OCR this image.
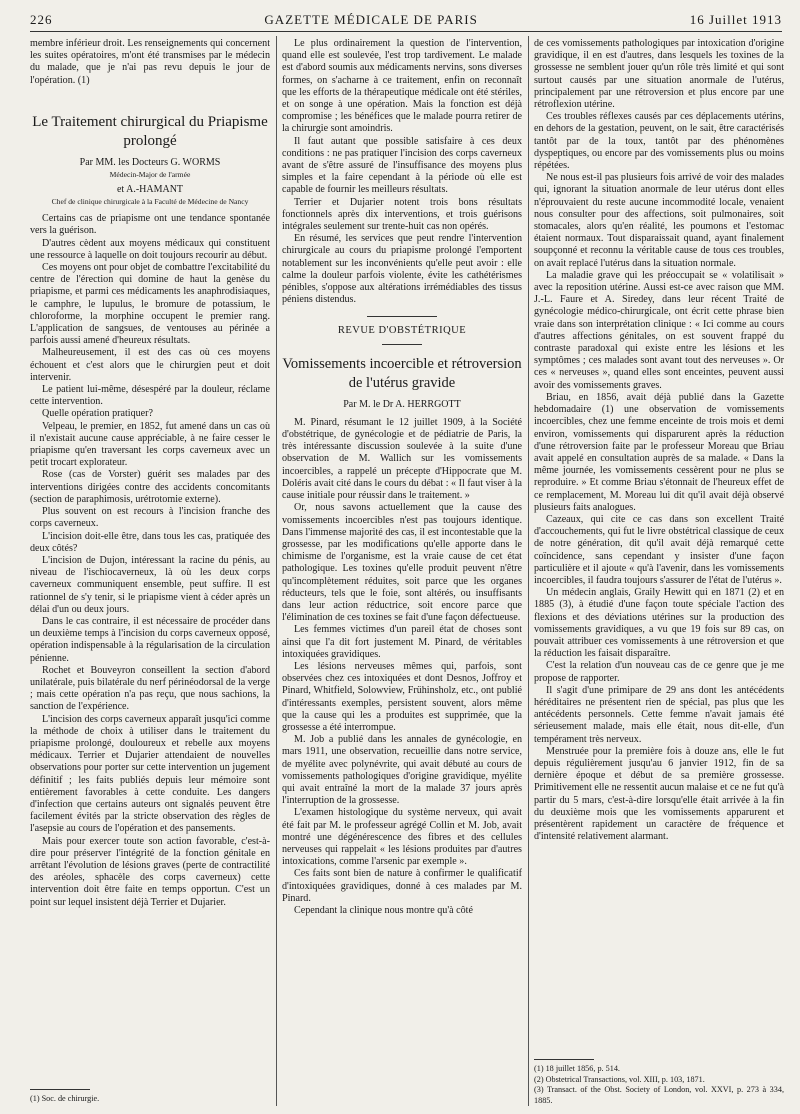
226	GAZETTE MÉDICALE DE PARIS	16 Juillet 1913

membre inférieur droit. Les renseignements qui concernent les suites opératoires, m'ont été transmises par le médecin du malade, que je n'ai pas revu depuis le jour de l'opération. (1)

Le Traitement chirurgical du Priapisme prolongé
Par MM. les Docteurs G. WORMS
Médecin-Major de l'armée
et A.-HAMANT
Chef de clinique chirurgicale à la Faculté de Médecine de Nancy

Certains cas de priapisme ont une tendance spontanée vers la guérison.

D'autres cèdent aux moyens médicaux qui constituent une ressource à laquelle on doit toujours recourir au début.

Ces moyens ont pour objet de combattre l'excitabilité du centre de l'érection qui domine de haut la genèse du priapisme, et parmi ces médicaments les anaphrodisiaques, le camphre, le lupulus, le bromure de potassium, le chloroforme, la morphine occupent le premier rang. L'application de sangsues, de ventouses au périnée a parfois aussi amené d'heureux résultats.

Malheureusement, il est des cas où ces moyens échouent et c'est alors que le chirurgien peut et doit intervenir.

Le patient lui-même, désespéré par la douleur, réclame cette intervention.

Quelle opération pratiquer?

Velpeau, le premier, en 1852, fut amené dans un cas où il n'existait aucune cause appréciable, à ne faire cesser le priapisme qu'en traversant les corps caverneux avec un petit trocart explorateur.

Rose (cas de Vorster) guérit ses malades par des interventions dirigées contre des accidents concomitants (section de paraphimosis, urétrotomie externe).

Plus souvent on est recours à l'incision franche des corps caverneux.

L'incision doit-elle être, dans tous les cas, pratiquée des deux côtés?

L'incision de Dujon, intéressant la racine du pénis, au niveau de l'ischiocaverneux, là où les deux corps caverneux communiquent ensemble, peut suffire. Il est rationnel de s'y tenir, si le priapisme vient à céder après un délai d'un ou deux jours.

Dans le cas contraire, il est nécessaire de procéder dans un deuxième temps à l'incision du corps caverneux opposé, opération indispensable à la régularisation de la circulation pénienne.

Rochet et Bouveyron conseillent la section d'abord unilatérale, puis bilatérale du nerf périnéodorsal de la verge ; mais cette opération n'a pas reçu, que nous sachions, la sanction de l'expérience.

L'incision des corps caverneux apparaît jusqu'ici comme la méthode de choix à utiliser dans le traitement du priapisme prolongé, douloureux et rebelle aux moyens médicaux. Terrier et Dujarier attendaient de nouvelles observations pour porter sur cette intervention un jugement définitif ; les faits publiés depuis leur mémoire sont entièrement favorables à cette conduite. Les dangers d'infection que certains auteurs ont signalés peuvent être facilement évités par la stricte observation des règles de l'asepsie au cours de l'opération et des pansements.

Mais pour exercer toute son action favorable, c'est-à-dire pour préserver l'intégrité de la fonction génitale en arrêtant l'évolution de lésions graves (perte de contractilité des aréoles, sphacèle des corps caverneux) cette intervention doit être faite en temps opportun. C'est un point sur lequel insistent déjà Terrier et Dujarier.

(1) Soc. de chirurgie.

Le plus ordinairement la question de l'intervention, quand elle est soulevée, l'est trop tardivement. Le malade est d'abord soumis aux médicaments nervins, sons diverses formes, on s'acharne à ce traitement, enfin on reconnaît que les efforts de la thérapeutique médicale ont été stériles, et on songe à une opération. Mais la fonction est déjà compromise ; les bénéfices que le malade pourra retirer de la chirurgie sont amoindris.

Il faut autant que possible satisfaire à ces deux conditions : ne pas pratiquer l'incision des corps caverneux avant de s'être assuré de l'insuffisance des moyens plus simples et la faire cependant à la période où elle est capable de fournir les meilleurs résultats.

Terrier et Dujarier notent trois bons résultats fonctionnels après dix interventions, et trois guérisons intégrales seulement sur trente-huit cas non opérés.

En résumé, les services que peut rendre l'intervention chirurgicale au cours du priapisme prolongé l'emportent notablement sur les inconvénients qu'elle peut avoir : elle calme la douleur parfois violente, évite les cathétérismes pénibles, s'oppose aux altérations irrémédiables des tissus péniens distendus.

REVUE D'OBSTÉTRIQUE
Vomissements incoercible et rétroversion de l'utérus gravide
Par M. le Dr A. HERRGOTT

M. Pinard, résumant le 12 juillet 1909, à la Société d'obstétrique, de gynécologie et de pédiatrie de Paris, la très intéressante discussion soulevée à la suite d'une observation de M. Wallich sur les vomissements incoercibles, a rappelé un précepte d'Hippocrate que M. Doléris avait cité dans le cours du débat : « Il faut viser à la cause initiale pour réussir dans le traitement. »

Or, nous savons actuellement que la cause des vomissements incoercibles n'est pas toujours identique. Dans l'immense majorité des cas, il est incontestable que la grossesse, par les modifications qu'elle apporte dans le chimisme de l'organisme, est la vraie cause de cet état pathologique. Les toxines qu'elle produit peuvent n'être qu'incomplètement réduites, soit parce que les organes réducteurs, tels que le foie, sont altérés, ou insuffisants dans leur action réductrice, soit encore parce que l'élimination de ces toxines se fait d'une façon défectueuse.

Les femmes victimes d'un pareil état de choses sont ainsi que l'a dit fort justement M. Pinard, de véritables intoxiquées gravidiques.

Les lésions nerveuses mêmes qui, parfois, sont observées chez ces intoxiquées et dont Desnos, Joffroy et Pinard, Whitfield, Solowview, Frühinsholz, etc., ont publié d'intéressants exemples, persistent souvent, alors même que la cause qui les a produites est supprimée, que la grossesse a été interrompue.

M. Job a publié dans les annales de gynécologie, en mars 1911, une observation, recueillie dans notre service, de myélite avec polynévrite, qui avait débuté au cours de vomissements pathologiques d'origine gravidique, myélite qui avait entraîné la mort de la malade 37 jours après l'interruption de la grossesse.

L'examen histologique du système nerveux, qui avait été fait par M. le professeur agrégé Collin et M. Job, avait montré une dégénérescence des fibres et des cellules nerveuses qui rappelait « les lésions produites par d'autres intoxications, comme l'arsenic par exemple ».

Ces faits sont bien de nature à confirmer le qualificatif d'intoxiquées gravidiques, donné à ces malades par M. Pinard.

Cependant la clinique nous montre qu'à côté

de ces vomissements pathologiques par intoxication d'origine gravidique, il en est d'autres, dans lesquels les toxines de la grossesse ne semblent jouer qu'un rôle très limité et qui sont surtout causés par une situation anormale de l'utérus, principalement par une rétroversion et plus encore par une rétroflexion utérine.

Ces troubles réflexes causés par ces déplacements utérins, en dehors de la gestation, peuvent, on le sait, être caractérisés tantôt par de la toux, tantôt par des phénomènes dyspeptiques, ou encore par des vomissements plus ou moins répétées.

Ne nous est-il pas plusieurs fois arrivé de voir des malades qui, ignorant la situation anormale de leur utérus dont elles n'éprouvaient du reste aucune incommodité locale, venaient nous consulter pour des affections, soit pulmonaires, soit stomacales, alors qu'en réalité, les poumons et l'estomac étaient normaux. Tout disparaissait quand, ayant finalement soupçonné et reconnu la véritable cause de tous ces troubles, on avait replacé l'utérus dans la situation normale.

La maladie grave qui les préoccupait se « volatilisait » avec la reposition utérine. Aussi est-ce avec raison que MM. J.-L. Faure et A. Siredey, dans leur récent Traité de gynécologie médico-chirurgicale, ont écrit cette phrase bien vraie dans son interprétation clinique : « Ici comme au cours d'autres affections génitales, on est souvent frappé du contraste paradoxal qui existe entre les lésions et les symptômes ; ces malades sont avant tout des nerveuses ». Or ces « nerveuses », quand elles sont enceintes, peuvent aussi avoir des vomissements graves.

Briau, en 1856, avait déjà publié dans la Gazette hebdomadaire (1) une observation de vomissements incoercibles, chez une femme enceinte de trois mois et demi environ, vomissements qui disparurent après la réduction d'une rétroversion faite par le professeur Moreau que Briau avait appelé en consultation auprès de sa malade. « Dans la même journée, les vomissements cessèrent pour ne plus se reproduire. » Et comme Briau s'étonnait de l'heureux effet de ce remplacement, M. Moreau lui dit qu'il avait déjà observé plusieurs faits analogues.

Cazeaux, qui cite ce cas dans son excellent Traité d'accouchements, qui fut le livre obstétrical classique de ceux de notre génération, dit qu'il avait déjà remarqué cette coïncidence, sans cependant y insister d'une façon particulière et il ajoute « qu'à l'avenir, dans les vomissements incoercibles, il faudra toujours s'assurer de l'état de l'utérus ».

Un médecin anglais, Graily Hewitt qui en 1871 (2) et en 1885 (3), à étudié d'une façon toute spéciale l'action des flexions et des déviations utérines sur la production des vomissements gravidiques, a vu que 19 fois sur 89 cas, on pouvait attribuer ces vomissements à une rétroversion et que la réduction les faisait disparaître.

C'est la relation d'un nouveau cas de ce genre que je me propose de rapporter.

Il s'agit d'une primipare de 29 ans dont les antécédents héréditaires ne présentent rien de spécial, pas plus que les antécédents personnels. Cette femme n'avait jamais été sérieusement malade, mais elle était, nous dit-elle, d'un tempérament très nerveux.

Menstruée pour la première fois à douze ans, elle le fut depuis régulièrement jusqu'au 6 janvier 1912, fin de sa dernière époque et début de sa première grossesse. Primitivement elle ne ressentit aucun malaise et ce ne fut qu'à partir du 5 mars, c'est-à-dire lorsqu'elle était arrivée à la fin du deuxième mois que les vomissements apparurent et présentèrent rapidement un caractère de fréquence et d'intensité relativement alarmant.

(1) 18 juillet 1856, p. 514.

(2) Obstetrical Transactions, vol. XIII, p. 103, 1871.

(3) Transact. of the Obst. Society of London, vol. XXVI, p. 273 à 334, 1885.
